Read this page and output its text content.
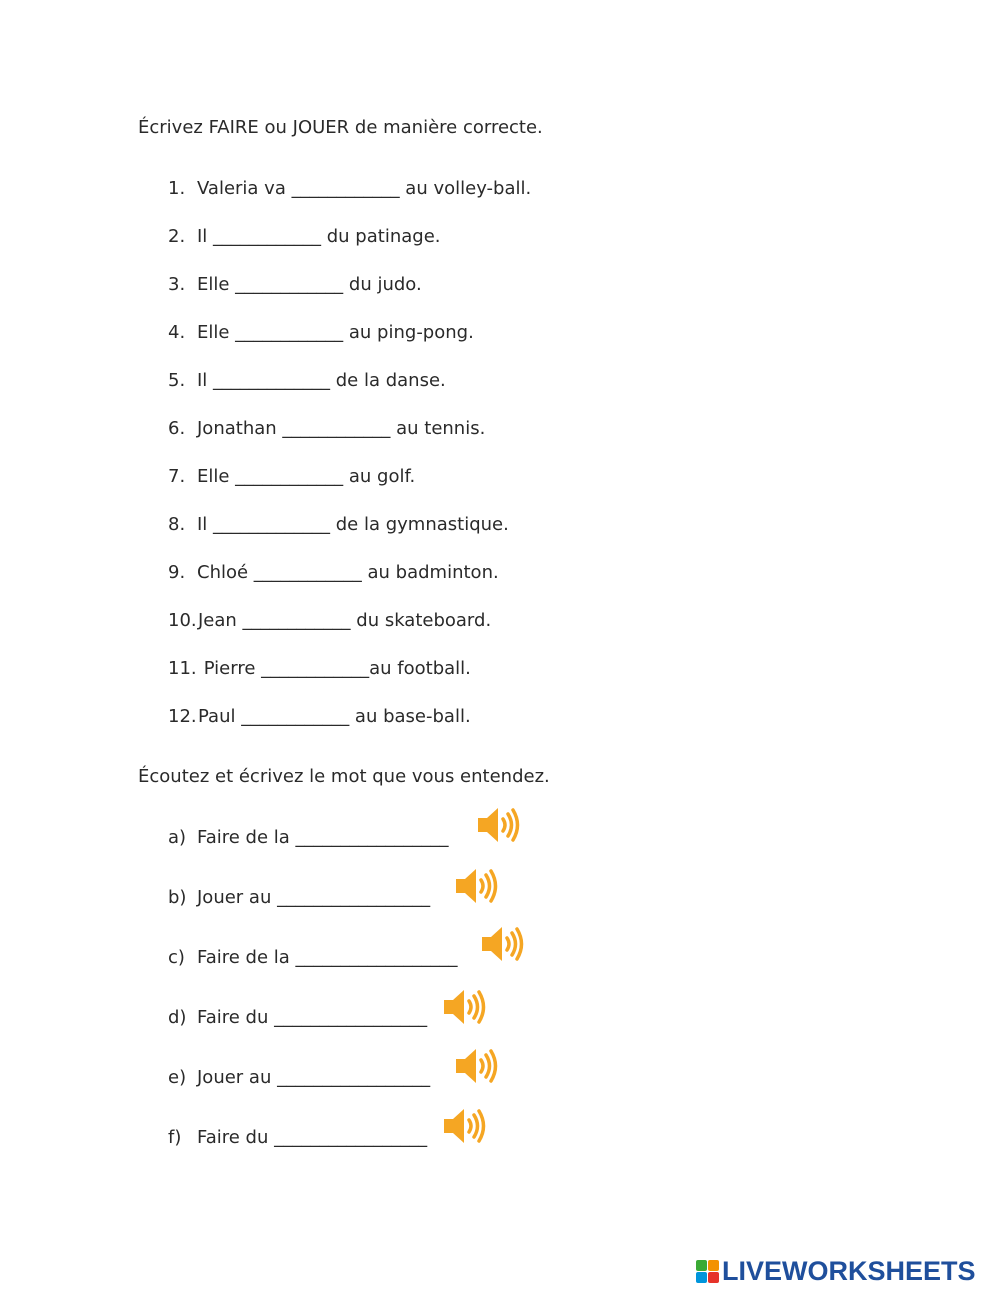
Écrivez FAIRE ou JOUER de manière correcte.
1. Valeria va ____________ au volley-ball.
2. Il ____________ du patinage.
3. Elle ____________ du judo.
4. Elle ____________ au ping-pong.
5. Il _____________ de la danse.
6. Jonathan ____________ au tennis.
7. Elle ____________ au golf.
8. Il _____________ de la gymnastique.
9. Chloé ____________ au badminton.
10.Jean ____________ du skateboard.
11. Pierre ____________au football.
12.Paul ____________ au base-ball.
Écoutez et écrivez le mot que vous entendez.
a) Faire de la _________________
b) Jouer au _________________
c) Faire de la __________________
d) Faire du _________________
e) Jouer au _________________
f) Faire du _________________
LIVEWORKSHEETS
